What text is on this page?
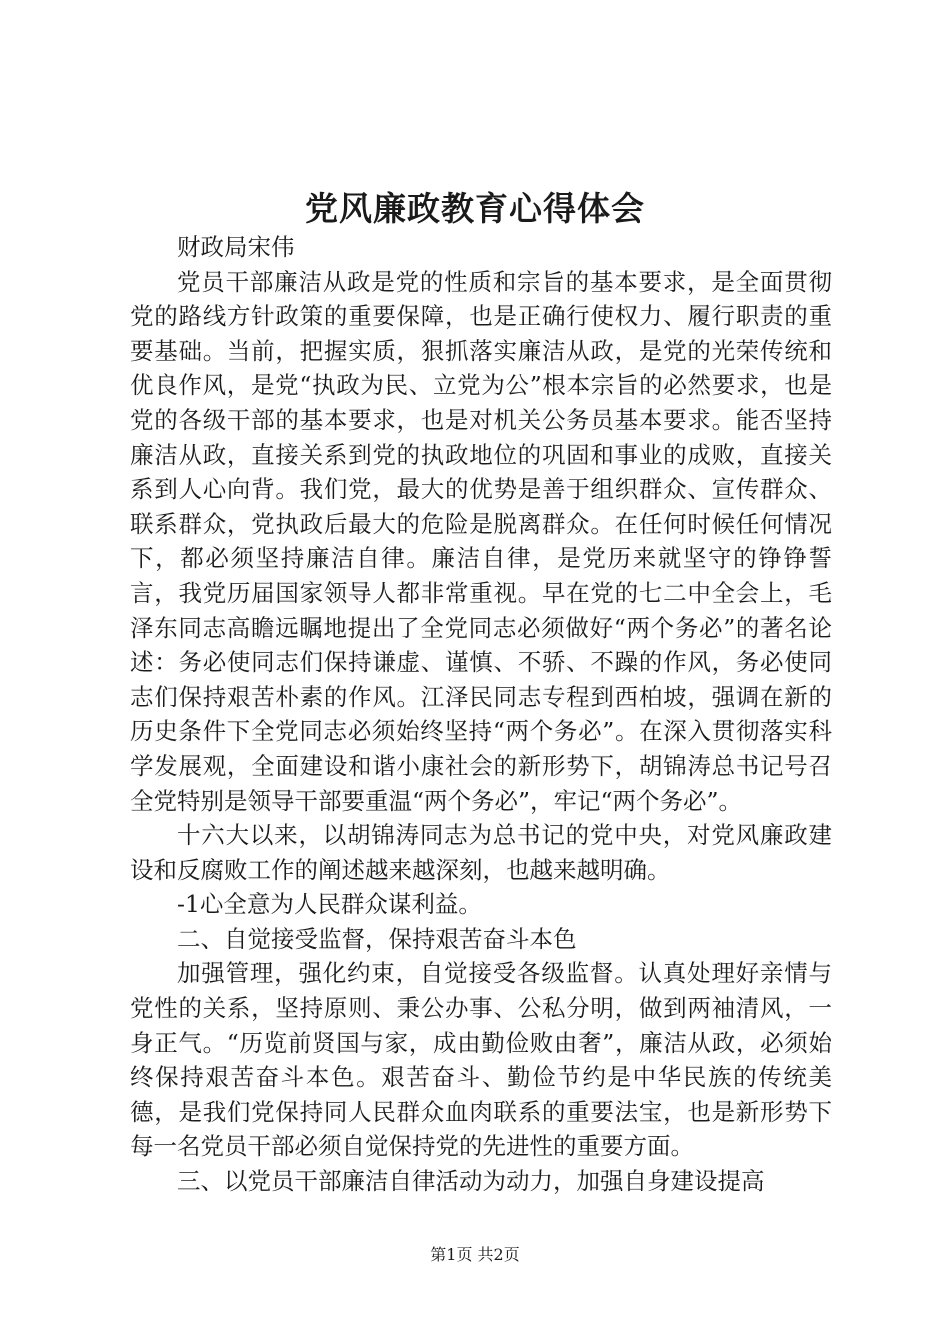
党风廉政教育心得体会

财政局宋伟

党员干部廉洁从政是党的性质和宗旨的基本要求，是全面贯彻党的路线方针政策的重要保障，也是正确行使权力、履行职责的重要基础。当前，把握实质，狠抓落实廉洁从政，是党的光荣传统和优良作风，是党“执政为民、立党为公”根本宗旨的必然要求，也是党的各级干部的基本要求，也是对机关公务员基本要求。能否坚持廉洁从政，直接关系到党的执政地位的巩固和事业的成败，直接关系到人心向背。我们党，最大的优势是善于组织群众、宣传群众、联系群众，党执政后最大的危险是脱离群众。在任何时候任何情况下，都必须坚持廉洁自律。廉洁自律，是党历来就坚守的铮铮誓言，我党历届国家领导人都非常重视。早在党的七二中全会上，毛泽东同志高瞻远瞩地提出了全党同志必须做好“两个务必”的著名论述：务必使同志们保持谦虚、谨慎、不骄、不躁的作风，务必使同志们保持艰苦朴素的作风。江泽民同志专程到西柏坡，强调在新的历史条件下全党同志必须始终坚持“两个务必”。在深入贯彻落实科学发展观，全面建设和谐小康社会的新形势下，胡锦涛总书记号召全党特别是领导干部要重温“两个务必”，牢记“两个务必”。

十六大以来，以胡锦涛同志为总书记的党中央，对党风廉政建设和反腐败工作的阐述越来越深刻，也越来越明确。

-1心全意为人民群众谋利益。

二、自觉接受监督，保持艰苦奋斗本色

加强管理，强化约束，自觉接受各级监督。认真处理好亲情与党性的关系，坚持原则、秉公办事、公私分明，做到两袖清风，一身正气。“历览前贤国与家，成由勤俭败由奢”，廉洁从政，必须始终保持艰苦奋斗本色。艰苦奋斗、勤俭节约是中华民族的传统美德，是我们党保持同人民群众血肉联系的重要法宝，也是新形势下每一名党员干部必须自觉保持党的先进性的重要方面。

三、以党员干部廉洁自律活动为动力，加强自身建设提高

第1页 共2页
